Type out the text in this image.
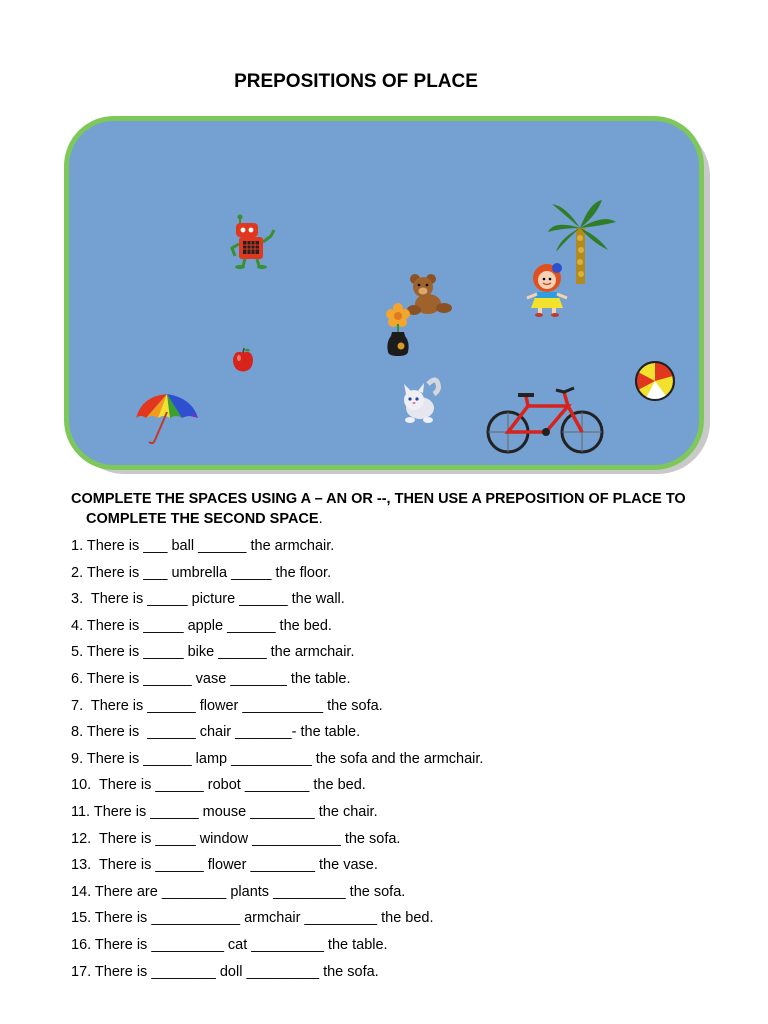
PREPOSITIONS OF PLACE
COMPLETE THE SPACES USING A – AN OR --, THEN USE A PREPOSITION OF PLACE TO
COMPLETE THE SECOND SPACE.
1. There is ___ ball ______ the armchair.
2. There is ___ umbrella _____ the floor.
3.  There is _____ picture ______ the wall.
4. There is _____ apple ______ the bed.
5. There is _____ bike ______ the armchair.
6. There is ______ vase _______ the table.
7.  There is ______ flower __________ the sofa.
8. There is  ______ chair _______- the table.
9. There is ______ lamp __________ the sofa and the armchair.
10.  There is ______ robot ________ the bed.
11. There is ______ mouse ________ the chair.
12.  There is _____ window ___________ the sofa.
13.  There is ______ flower ________ the vase.
14. There are ________ plants _________ the sofa.
15. There is ___________ armchair _________ the bed.
16. There is _________ cat _________ the table.
17. There is ________ doll _________ the sofa.
